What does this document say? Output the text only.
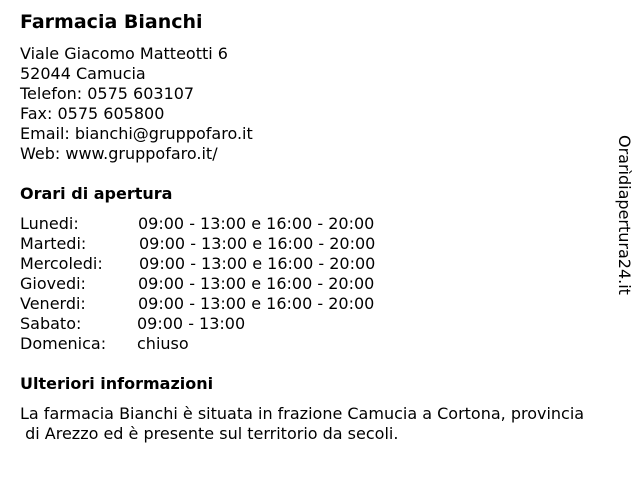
Farmacia Bianchi
Viale Giacomo Matteotti 6
52044 Camucia
Telefon: 0575 603107
Fax: 0575 605800
Email: bianchi@gruppofaro.it
Web: www.gruppofaro.it/
Orari di apertura
Lunedi:	09:00 - 13:00 e 16:00 - 20:00
Martedi:	09:00 - 13:00 e 16:00 - 20:00
Mercoledi: 09:00 - 13:00 e 16:00 - 20:00
Giovedi:	09:00 - 13:00 e 16:00 - 20:00
Venerdi:	09:00 - 13:00 e 16:00 - 20:00
Sabato:	09:00 - 13:00
Domenica: chiuso
Ulteriori informazioni
La farmacia Bianchi è situata in frazione Camucia a Cortona, provincia
di Arezzo ed è presente sul territorio da secoli.
Orarìdiapertura24.it
